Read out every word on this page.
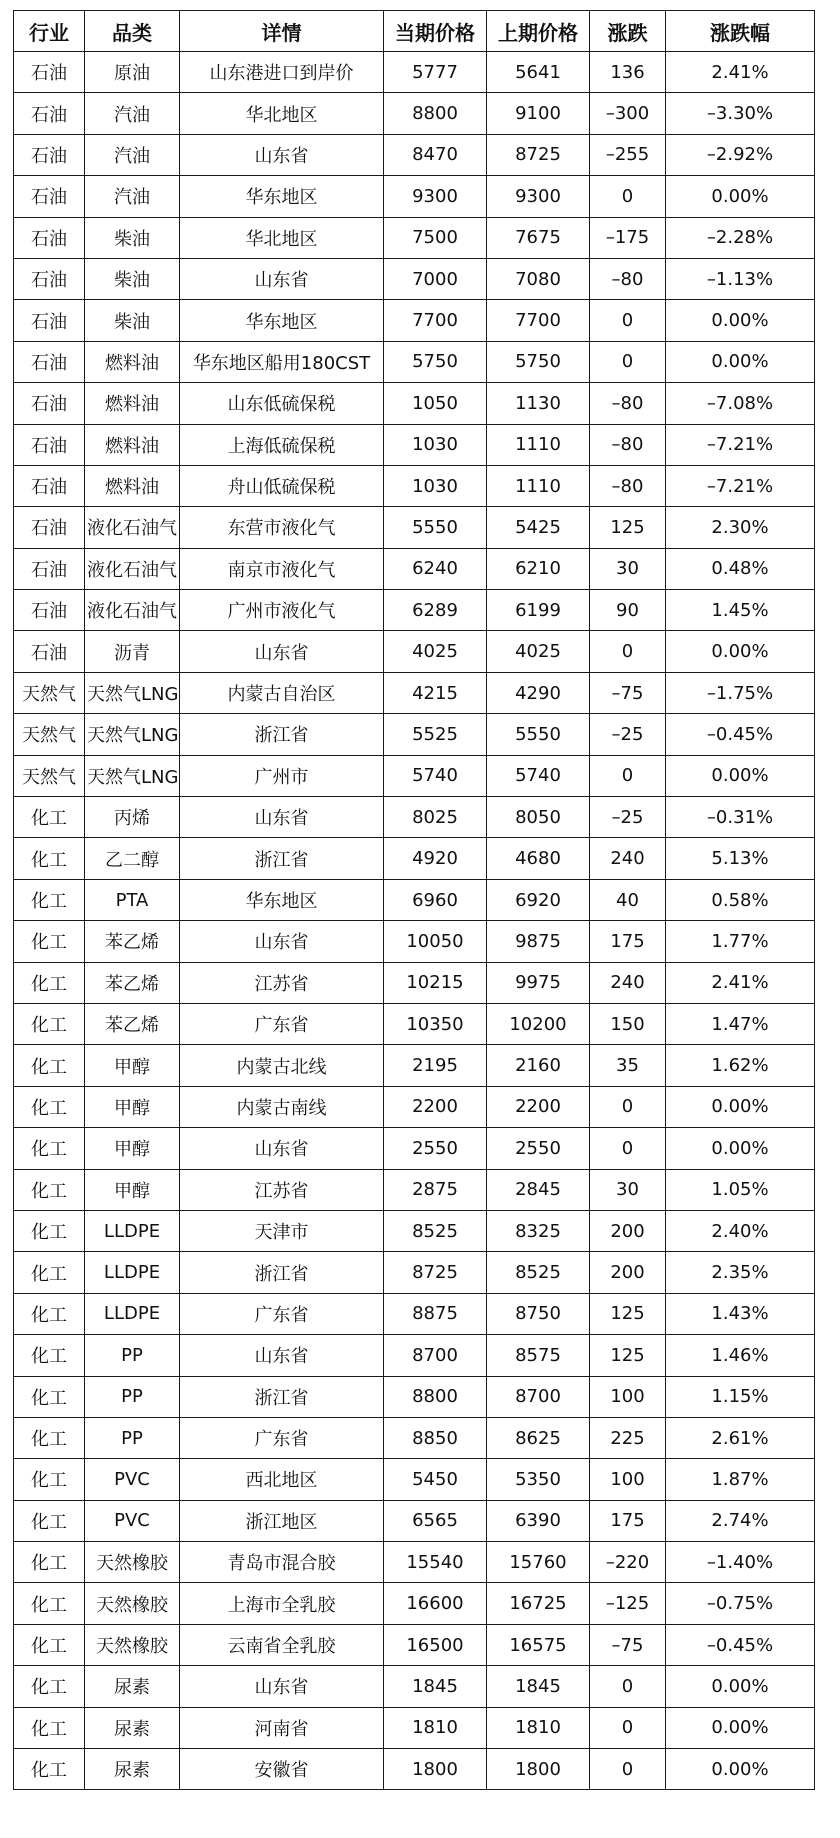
行业	品类	详情	当期价格	上期价格	涨跌	涨跌幅
石油	原油	山东港进口到岸价	5777	5641	136	2.41%
石油	汽油	华北地区	8800	9100	–300	–3.30%
石油	汽油	山东省	8470	8725	–255	–2.92%
石油	汽油	华东地区	9300	9300	0	0.00%
石油	柴油	华北地区	7500	7675	–175	–2.28%
石油	柴油	山东省	7000	7080	–80	–1.13%
石油	柴油	华东地区	7700	7700	0	0.00%
石油	燃料油	华东地区船用180CST	5750	5750	0	0.00%
石油	燃料油	山东低硫保税	1050	1130	–80	–7.08%
石油	燃料油	上海低硫保税	1030	1110	–80	–7.21%
石油	燃料油	舟山低硫保税	1030	1110	–80	–7.21%
石油	液化石油气	东营市液化气	5550	5425	125	2.30%
石油	液化石油气	南京市液化气	6240	6210	30	0.48%
石油	液化石油气	广州市液化气	6289	6199	90	1.45%
石油	沥青	山东省	4025	4025	0	0.00%
天然气	天然气LNG	内蒙古自治区	4215	4290	–75	–1.75%
天然气	天然气LNG	浙江省	5525	5550	–25	–0.45%
天然气	天然气LNG	广州市	5740	5740	0	0.00%
化工	丙烯	山东省	8025	8050	–25	–0.31%
化工	乙二醇	浙江省	4920	4680	240	5.13%
化工	PTA	华东地区	6960	6920	40	0.58%
化工	苯乙烯	山东省	10050	9875	175	1.77%
化工	苯乙烯	江苏省	10215	9975	240	2.41%
化工	苯乙烯	广东省	10350	10200	150	1.47%
化工	甲醇	内蒙古北线	2195	2160	35	1.62%
化工	甲醇	内蒙古南线	2200	2200	0	0.00%
化工	甲醇	山东省	2550	2550	0	0.00%
化工	甲醇	江苏省	2875	2845	30	1.05%
化工	LLDPE	天津市	8525	8325	200	2.40%
化工	LLDPE	浙江省	8725	8525	200	2.35%
化工	LLDPE	广东省	8875	8750	125	1.43%
化工	PP	山东省	8700	8575	125	1.46%
化工	PP	浙江省	8800	8700	100	1.15%
化工	PP	广东省	8850	8625	225	2.61%
化工	PVC	西北地区	5450	5350	100	1.87%
化工	PVC	浙江地区	6565	6390	175	2.74%
化工	天然橡胶	青岛市混合胶	15540	15760	–220	–1.40%
化工	天然橡胶	上海市全乳胶	16600	16725	–125	–0.75%
化工	天然橡胶	云南省全乳胶	16500	16575	–75	–0.45%
化工	尿素	山东省	1845	1845	0	0.00%
化工	尿素	河南省	1810	1810	0	0.00%
化工	尿素	安徽省	1800	1800	0	0.00%
